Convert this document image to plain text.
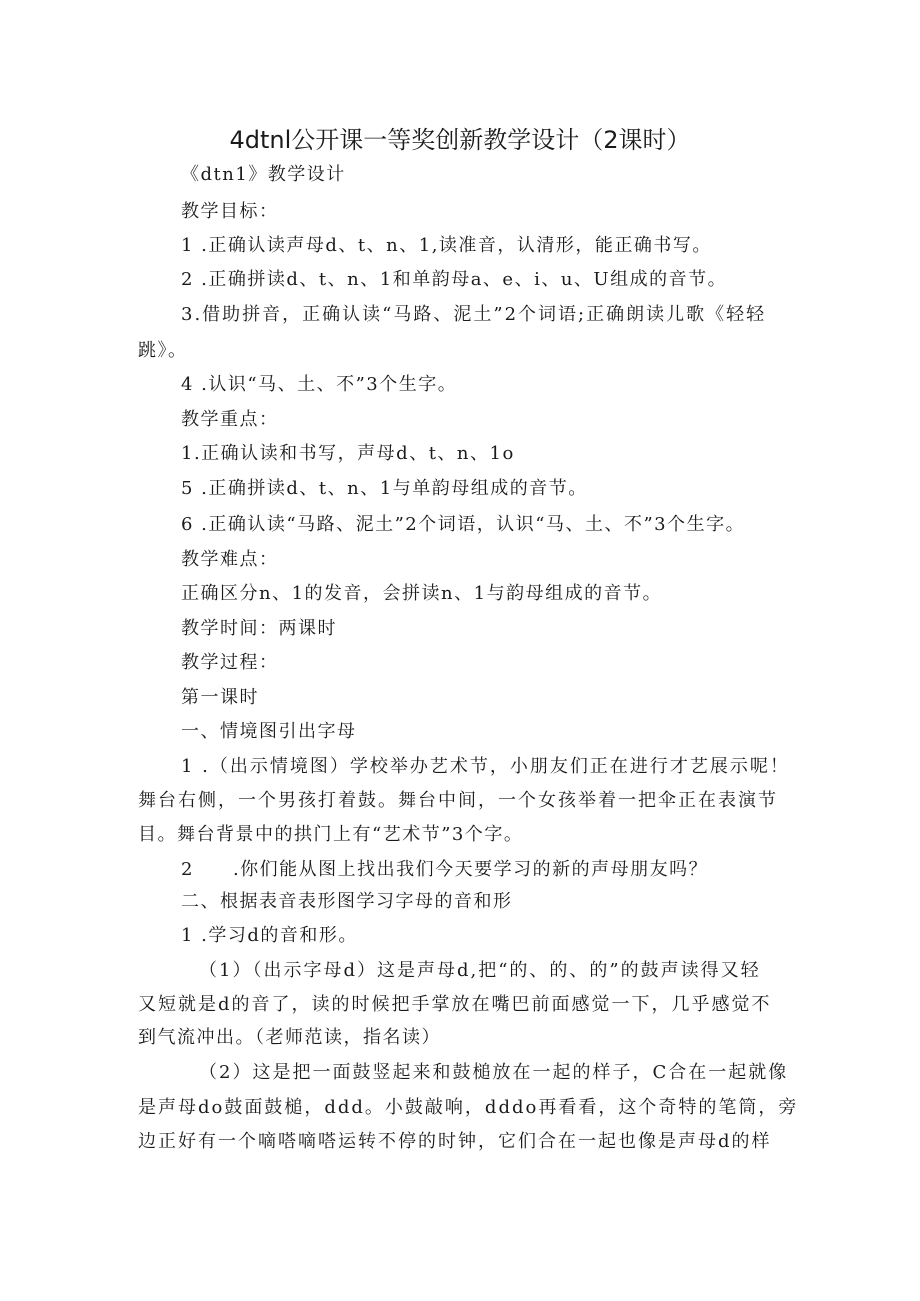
4dtnl公开课一等奖创新教学设计（2课时）
《dtn1》教学设计
教学目标：
1 .正确认读声母d、t、n、1,读准音，认清形，能正确书写。
2 .正确拼读d、t、n、1和单韵母a、e、i、u、U组成的音节。
3.借助拼音，正确认读“马路、泥土”2个词语;正确朗读儿歌《轻轻
跳》。
4 .认识“马、土、不”3个生字。
教学重点：
1.正确认读和书写，声母d、t、n、1o
5 .正确拼读d、t、n、1与单韵母组成的音节。
6 .正确认读“马路、泥土”2个词语，认识“马、土、不”3个生字。
教学难点：
正确区分n、1的发音，会拼读n、1与韵母组成的音节。
教学时间：两课时
教学过程：
第一课时
一、情境图引出字母
1 .（出示情境图）学校举办艺术节，小朋友们正在进行才艺展示呢！
舞台右侧，一个男孩打着鼓。舞台中间，一个女孩举着一把伞正在表演节
目。舞台背景中的拱门上有“艺术节”3个字。
2　　.你们能从图上找出我们今天要学习的新的声母朋友吗？
二、根据表音表形图学习字母的音和形
1 .学习d的音和形。
（1）（出示字母d）这是声母d,把“的、的、的”的鼓声读得又轻
又短就是d的音了，读的时候把手掌放在嘴巴前面感觉一下，几乎感觉不
到气流冲出。（老师范读，指名读）
（2）这是把一面鼓竖起来和鼓槌放在一起的样子，C合在一起就像
是声母do鼓面鼓槌，ddd。小鼓敲响，dddo再看看，这个奇特的笔筒，旁
边正好有一个嘀嗒嘀嗒运转不停的时钟，它们合在一起也像是声母d的样
